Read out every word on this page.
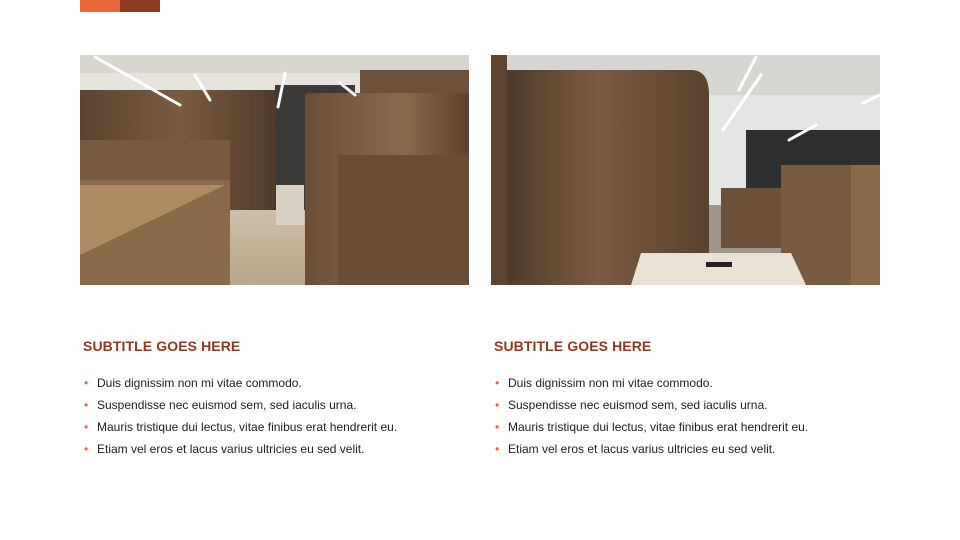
SUBTITLE GOES HERE
• Duis dignissim non mi vitae commodo.
• Suspendisse nec euismod sem, sed iaculis urna.
• Mauris tristique dui lectus, vitae finibus erat hendrerit eu.
• Etiam vel eros et lacus varius ultricies eu sed velit.
SUBTITLE GOES HERE
• Duis dignissim non mi vitae commodo.
• Suspendisse nec euismod sem, sed iaculis urna.
• Mauris tristique dui lectus, vitae finibus erat hendrerit eu.
• Etiam vel eros et lacus varius ultricies eu sed velit.
